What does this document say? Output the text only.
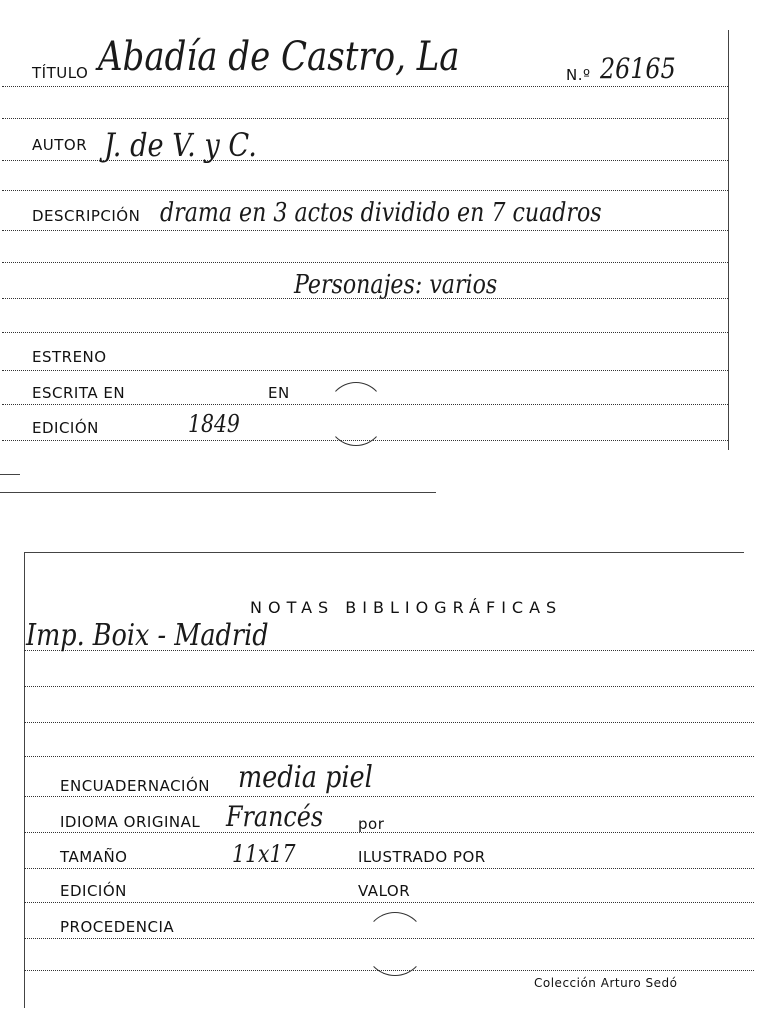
TÍTULO Abadía de Castro, La	N.º 26165
AUTOR J. de V. y C.
DESCRIPCIÓN drama en 3 actos dividido en 7 cuadros
Personajes: varios
ESTRENO
ESCRITA EN	EN
EDICIÓN	1849
NOTAS BIBLIOGRÁFICAS
Imp. Boix - Madrid
ENCUADERNACIÓN media piel
IDIOMA ORIGINAL Francés por
TAMAÑO	11x17	ILUSTRADO POR
EDICIÓN	VALOR
PROCEDENCIA
Colección Arturo Sedó
